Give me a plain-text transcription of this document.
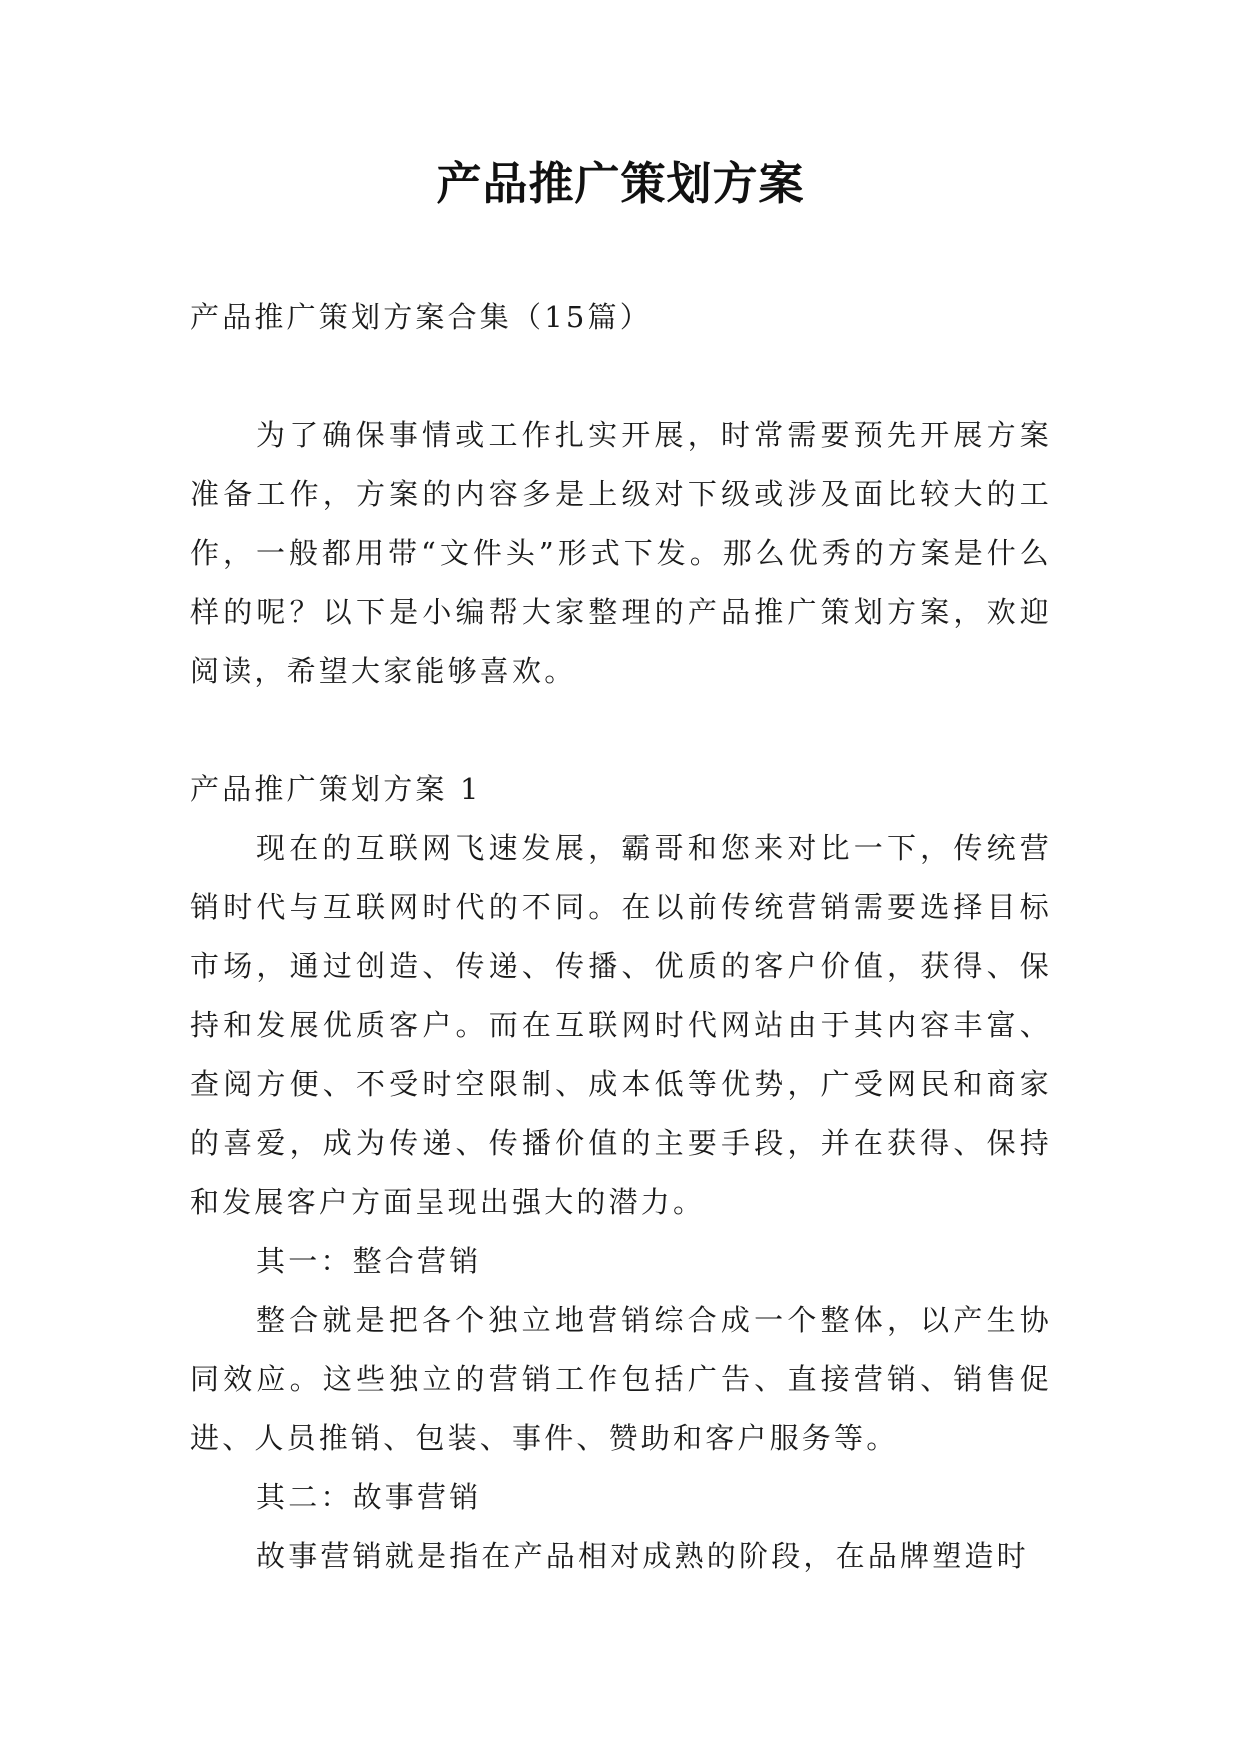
产品推广策划方案

产品推广策划方案合集（15篇）

为了确保事情或工作扎实开展，时常需要预先开展方案准备工作，方案的内容多是上级对下级或涉及面比较大的工作，一般都用带“文件头”形式下发。那么优秀的方案是什么样的呢？以下是小编帮大家整理的产品推广策划方案，欢迎阅读，希望大家能够喜欢。

产品推广策划方案 1

现在的互联网飞速发展，霸哥和您来对比一下，传统营销时代与互联网时代的不同。在以前传统营销需要选择目标市场，通过创造、传递、传播、优质的客户价值，获得、保持和发展优质客户。而在互联网时代网站由于其内容丰富、查阅方便、不受时空限制、成本低等优势，广受网民和商家的喜爱，成为传递、传播价值的主要手段，并在获得、保持和发展客户方面呈现出强大的潜力。

其一：整合营销

整合就是把各个独立地营销综合成一个整体，以产生协同效应。这些独立的营销工作包括广告、直接营销、销售促进、人员推销、包装、事件、赞助和客户服务等。

其二：故事营销

故事营销就是指在产品相对成熟的阶段，在品牌塑造时
